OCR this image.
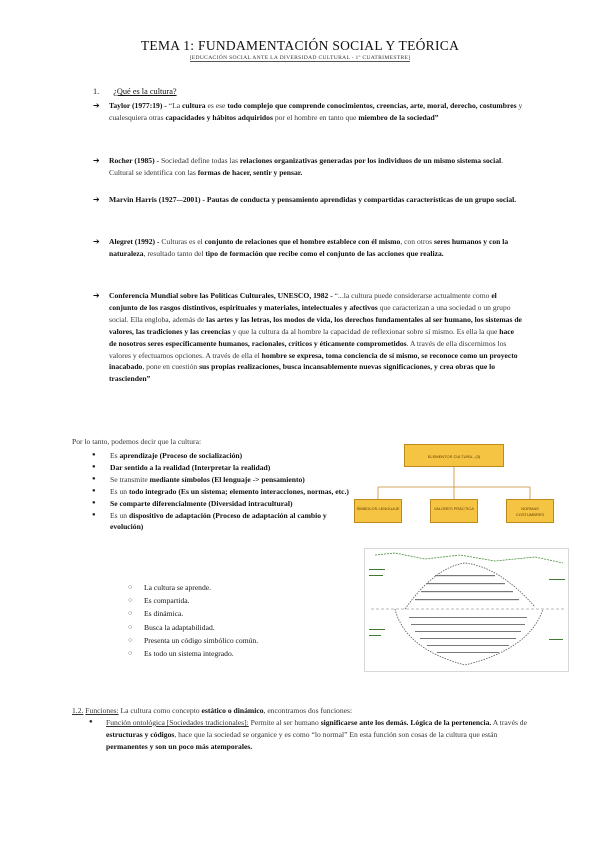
TEMA 1: FUNDAMENTACIÓN SOCIAL Y TEÓRICA
[EDUCACIÓN SOCIAL ANTE LA DIVERSIDAD CULTURAL - 1º CUATRIMESTRE]
1. ¿Qué es la cultura?
➔ Taylor (1977:19) - “La cultura es ese todo complejo que comprende conocimientos, creencias, arte, moral, derecho, costumbres y cualesquiera otras capacidades y hábitos adquiridos por el hombre en tanto que miembro de la sociedad”
➔ Rocher (1985) - Sociedad define todas las relaciones organizativas generadas por los individuos de un mismo sistema social. Cultural se identifica con las formas de hacer, sentir y pensar.
➔ Marvin Harris (1927-–2001) - Pautas de conducta y pensamiento aprendidas y compartidas características de un grupo social.
➔ Alegret (1992) - Culturas es el conjunto de relaciones que el hombre establece con él mismo, con otros seres humanos y con la naturaleza, resultado tanto del tipo de formación que recibe como el conjunto de las acciones que realiza.
➔ Conferencia Mundial sobre las Políticas Culturales, UNESCO, 1982 - “...la cultura puede considerarse actualmente como el conjunto de los rasgos distintivos, espirituales y materiales, intelectuales y afectivos que caracterizan a una sociedad o un grupo social. Ella engloba, además de las artes y las letras, los modos de vida, los derechos fundamentales al ser humano, los sistemas de valores, las tradiciones y las creencias y que la cultura da al hombre la capacidad de reflexionar sobre sí mismo. Es ella la que hace de nosotros seres específicamente humanos, racionales, críticos y éticamente comprometidos. A través de ella discernimos los valores y efectuamos opciones. A través de ella el hombre se expresa, toma conciencia de sí mismo, se reconoce como un proyecto inacabado, pone en cuestión sus propias realizaciones, busca incansablemente nuevas significaciones, y crea obras que lo trascienden”
Por lo tanto, podemos decir que la cultura:
● Es aprendizaje (Proceso de socialización)
● Dar sentido a la realidad (Interpretar la realidad)
● Se transmite mediante símbolos (El lenguaje -> pensamiento)
● Es un todo integrado (Es un sistema; elemento interacciones, normas, etc.)
● Se comparte diferencialmente (Diversidad intracultural)
● Es un dispositivo de adaptación (Proceso de adaptación al cambio y evolución)
○ La cultura se aprende.
○ Es compartida.
○ Es dinámica.
○ Busca la adaptabilidad.
○ Presenta un código simbólico común.
○ Es todo un sistema integrado.
ELEMENTOS CULTURA...(3)
SÍMBOLOS LENGUAJE	VALORES PRÁCTICA	NORMAS COSTUMBRES
1.2. Funciones: La cultura como concepto estático o dinámico, encontramos dos funciones:
● Función ontológica [Sociedades tradicionales]: Permite al ser humano significarse ante los demás. Lógica de la pertenencia. A través de estructuras y códigos, hace que la sociedad se organice y es como “lo normal” En esta función son cosas de la cultura que están permanentes y son un poco más atemporales.
